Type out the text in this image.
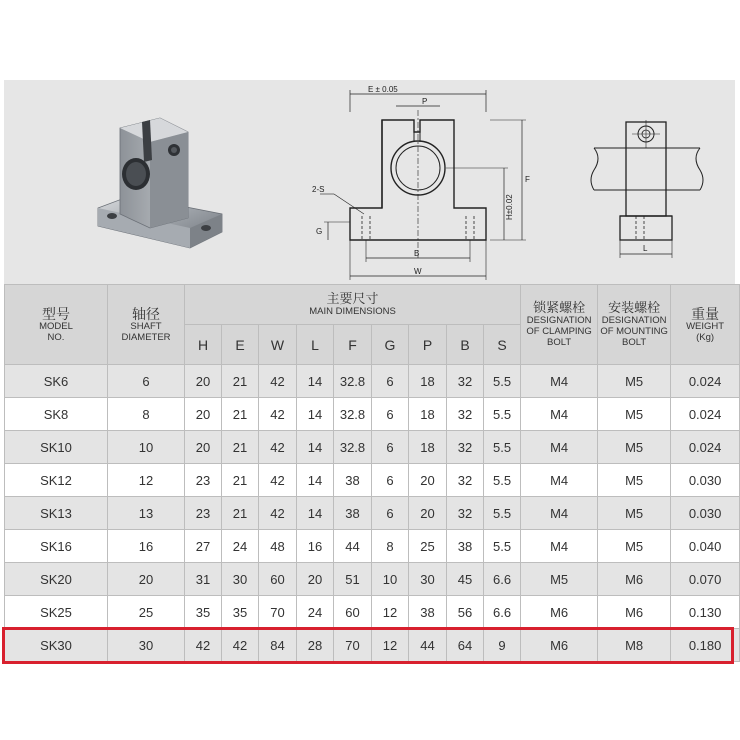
E ± 0.05
P
F
H±0.02
2-S
G
B
W
L
型号
MODEL
NO.	轴径
SHAFT
DIAMETER	主要尺寸
MAIN DIMENSIONS									锁紧螺栓
DESIGNATION
OF CLAMPING
BOLT	安装螺栓
DESIGNATION
OF MOUNTING
BOLT	重量
WEIGHT
(Kg)

		H	E	W	L	F	G	P	B	S			
SK6	6	20	21	42	14	32.8	6	18	32	5.5	M4	M5	0.024
SK8	8	20	21	42	14	32.8	6	18	32	5.5	M4	M5	0.024
SK10	10	20	21	42	14	32.8	6	18	32	5.5	M4	M5	0.024
SK12	12	23	21	42	14	38	6	20	32	5.5	M4	M5	0.030
SK13	13	23	21	42	14	38	6	20	32	5.5	M4	M5	0.030
SK16	16	27	24	48	16	44	8	25	38	5.5	M4	M5	0.040
SK20	20	31	30	60	20	51	10	30	45	6.6	M5	M6	0.070
SK25	25	35	35	70	24	60	12	38	56	6.6	M6	M6	0.130
SK30	30	42	42	84	28	70	12	44	64	9	M6	M8	0.180
